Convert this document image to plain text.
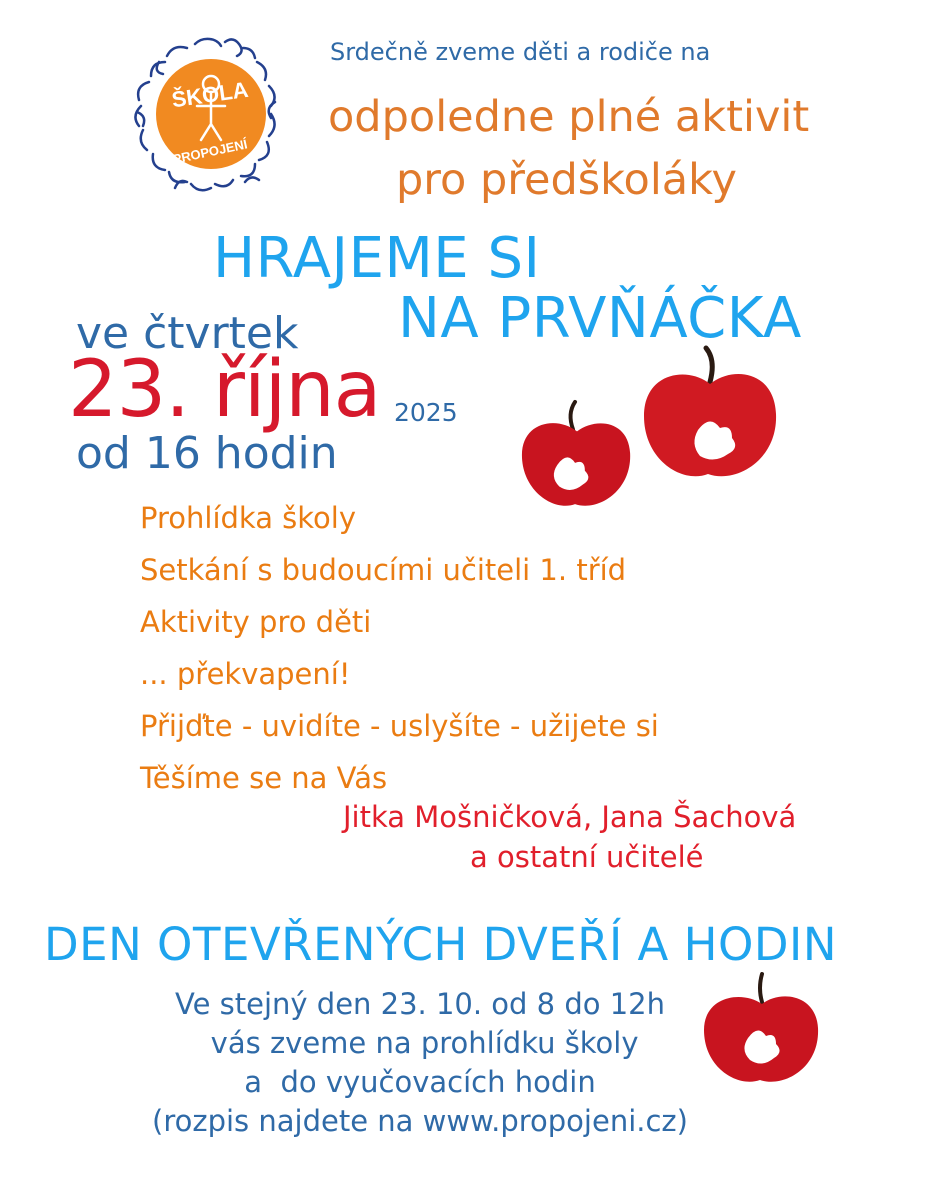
ŠKOLA
PROPOJENÍ
Srdečně zveme děti a rodiče na
odpoledne plné aktivit
pro předškoláky
HRAJEME SI
NA PRVŇÁČKA
ve čtvrtek
23. října 2025
od 16 hodin
Prohlídka školy
Setkání s budoucími učiteli 1. tříd
Aktivity pro děti
... překvapení!
Přijďte - uvidíte - uslyšíte - užijete si
Těšíme se na Vás
Jitka Mošničková, Jana Šachová
a ostatní učitelé
DEN OTEVŘENÝCH DVEŘÍ A HODIN
Ve stejný den 23. 10. od 8 do 12h
vás zveme na prohlídku školy
a  do vyučovacích hodin
(rozpis najdete na www.propojeni.cz)
